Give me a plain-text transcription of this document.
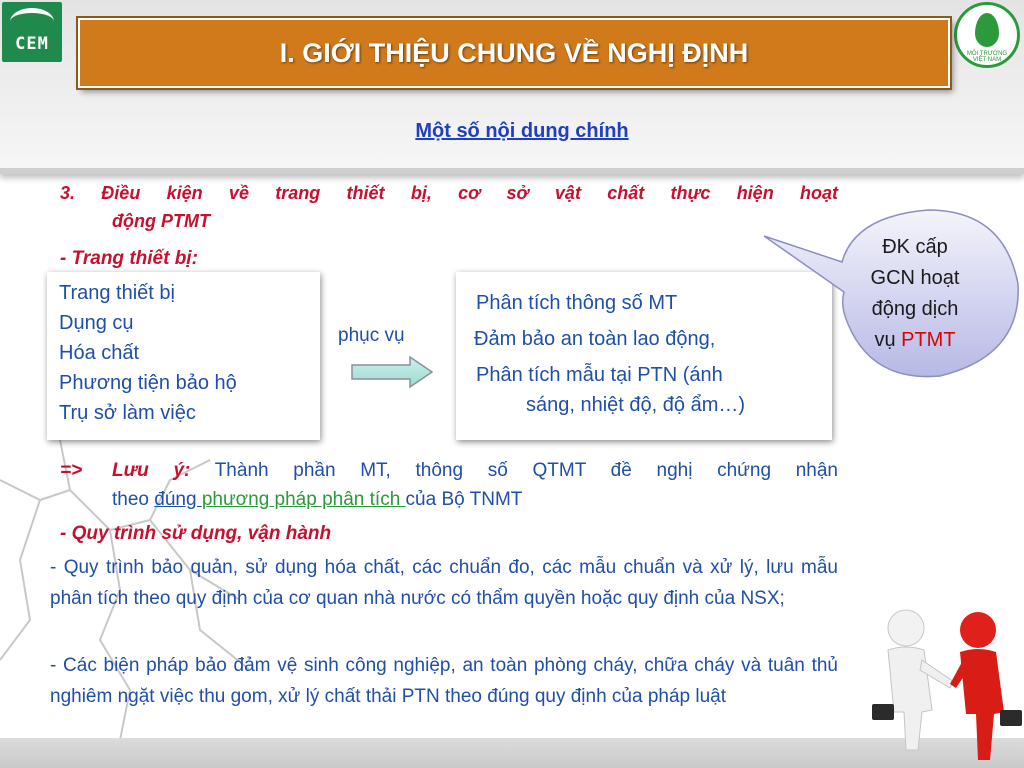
CEM	MÔI TRƯỜNG VIỆT NAM
I. GIỚI THIỆU CHUNG VỀ NGHỊ ĐỊNH
Một số nội dung chính
3. Điều kiện về trang thiết bị, cơ sở vật chất thực hiện hoạt
động PTMT
- Trang thiết bị:
Trang thiết bị
Dụng cụ
Hóa chất
Phương tiện bảo hộ
Trụ sở làm việc
phục vụ
Phân tích thông số MT
Đảm bảo an toàn lao động,
Phân tích mẫu tại PTN (ánh
sáng, nhiệt độ, độ ẩm…)
ĐK cấp
GCN hoạt
động dịch
vụ PTMT
=> Lưu ý: Thành phần MT, thông số QTMT đề nghị chứng nhận
theo đúng phương pháp phân tích của Bộ TNMT
- Quy trình sử dụng, vận hành
- Quy trình bảo quản, sử dụng hóa chất, các chuẩn đo, các mẫu chuẩn và xử lý, lưu mẫu phân tích theo quy định của cơ quan nhà nước có thẩm quyền hoặc quy định của NSX;
- Các biện pháp bảo đảm vệ sinh công nghiệp, an toàn phòng cháy, chữa cháy và tuân thủ nghiêm ngặt việc thu gom, xử lý chất thải PTN theo đúng quy định của pháp luật
